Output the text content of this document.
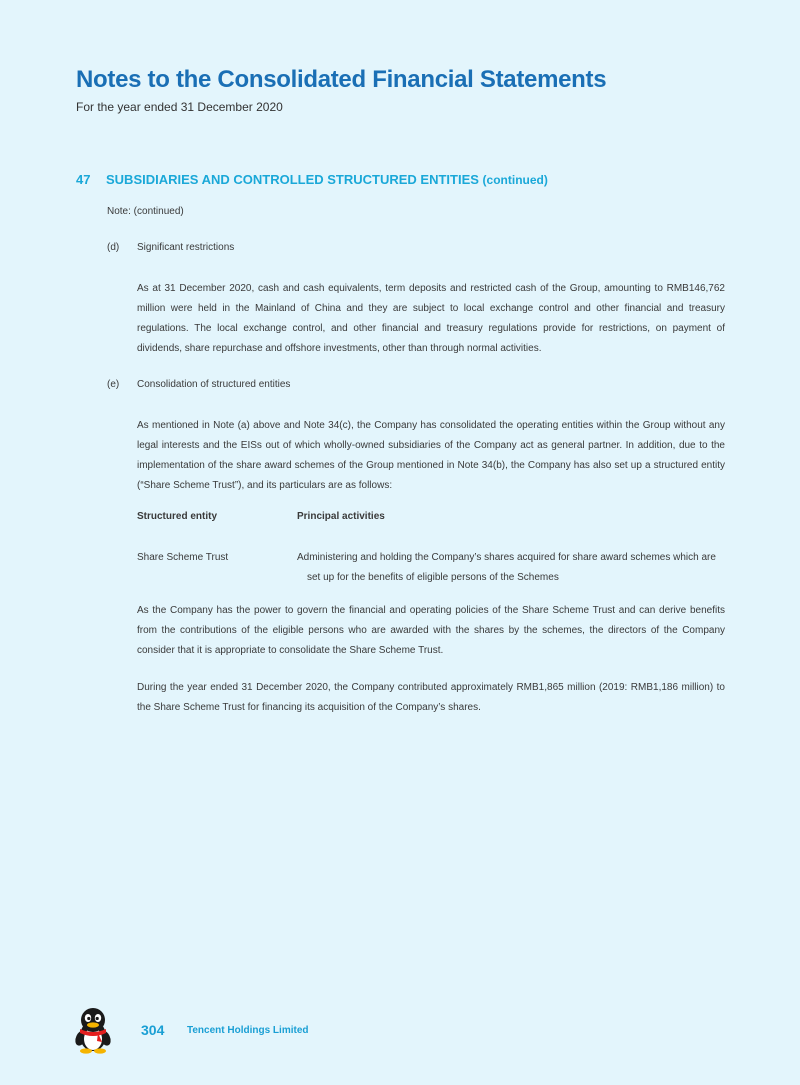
Notes to the Consolidated Financial Statements
For the year ended 31 December 2020
47 SUBSIDIARIES AND CONTROLLED STRUCTURED ENTITIES (continued)
Note: (continued)
(d) Significant restrictions
As at 31 December 2020, cash and cash equivalents, term deposits and restricted cash of the Group, amounting to RMB146,762 million were held in the Mainland of China and they are subject to local exchange control and other financial and treasury regulations. The local exchange control, and other financial and treasury regulations provide for restrictions, on payment of dividends, share repurchase and offshore investments, other than through normal activities.
(e) Consolidation of structured entities
As mentioned in Note (a) above and Note 34(c), the Company has consolidated the operating entities within the Group without any legal interests and the EISs out of which wholly-owned subsidiaries of the Company act as general partner. In addition, due to the implementation of the share award schemes of the Group mentioned in Note 34(b), the Company has also set up a structured entity (“Share Scheme Trust”), and its particulars are as follows:
Structured entity	Principal activities
Share Scheme Trust	Administering and holding the Company’s shares acquired for share award schemes which are set up for the benefits of eligible persons of the Schemes
As the Company has the power to govern the financial and operating policies of the Share Scheme Trust and can derive benefits from the contributions of the eligible persons who are awarded with the shares by the schemes, the directors of the Company consider that it is appropriate to consolidate the Share Scheme Trust.
During the year ended 31 December 2020, the Company contributed approximately RMB1,865 million (2019: RMB1,186 million) to the Share Scheme Trust for financing its acquisition of the Company’s shares.
304 Tencent Holdings Limited
